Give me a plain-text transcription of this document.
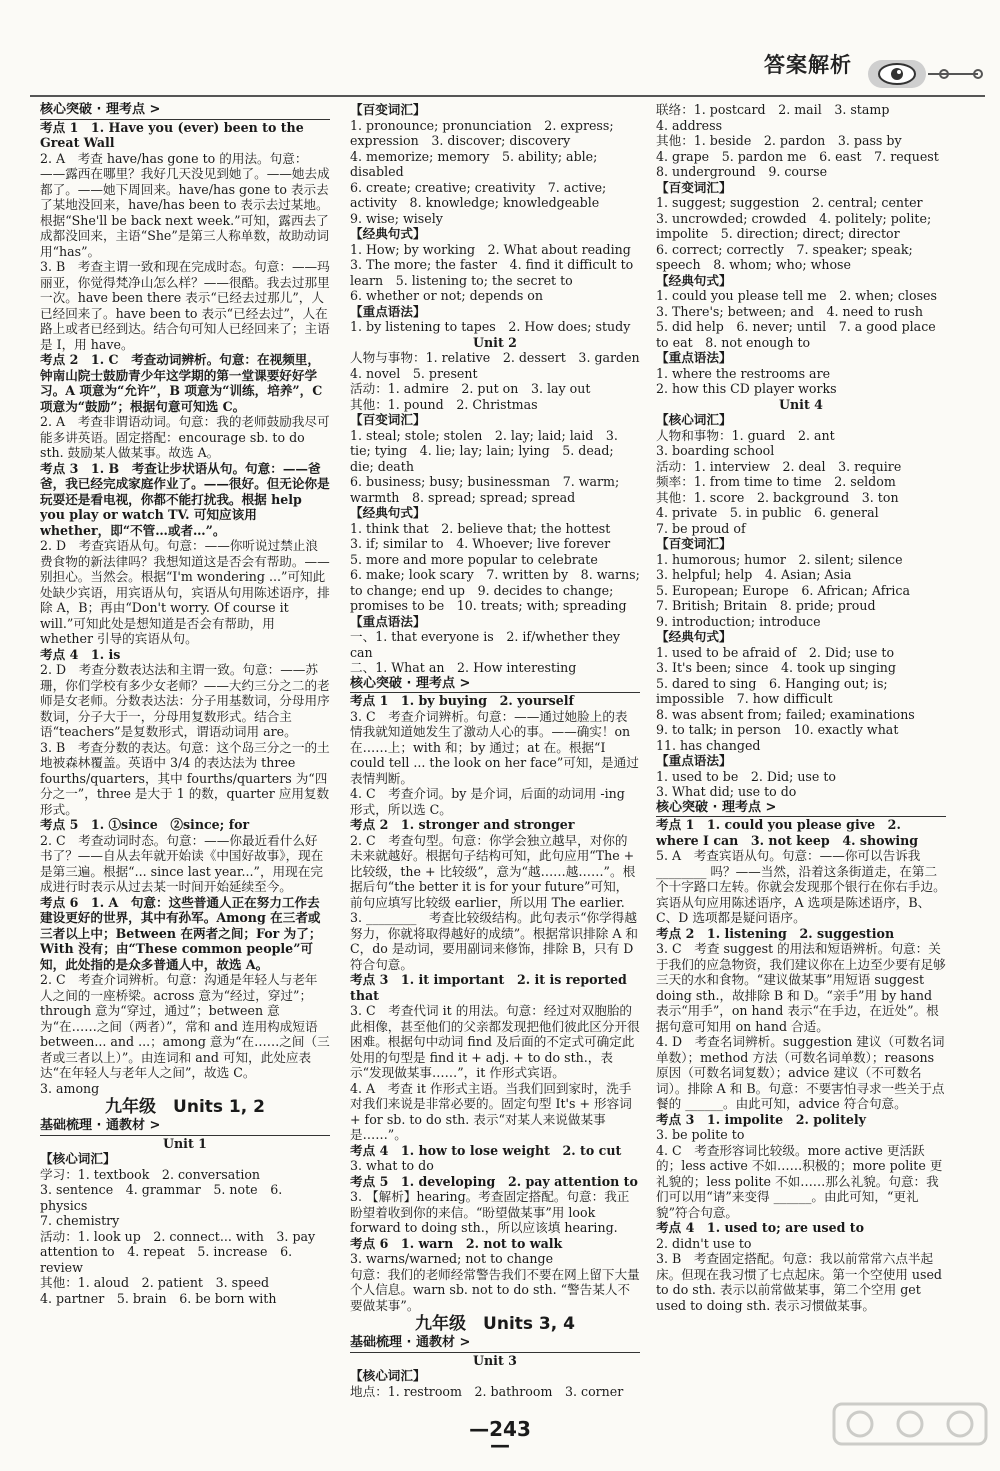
答案解析

核心突破 · 理考点 >

考点 1　1. Have you (ever) been to the Great Wall

2. A　考查 have/has gone to 的用法。句意：——露西在哪里？我好几天没见到她了。——她去成都了。——她下周回来。have/has gone to 表示去了某地没回来，have/has been to 表示去过某地。根据“She'll be back next week.”可知，露西去了成都没回来，主语“She”是第三人称单数，故助动词用“has”。

3. B　考查主谓一致和现在完成时态。句意：——玛丽亚，你觉得梵净山怎么样？——很酷。我去过那里一次。have been there 表示“已经去过那儿”，人已经回来了。have been to 表示“已经去过”，人在路上或者已经到达。结合句可知人已经回来了；主语是 I，用 have。

考点 2　1. C　考查动词辨析。句意：在视频里，钟南山院士鼓励青少年这学期的第一堂课要好好学习。A 项意为“允许”，B 项意为“训练，培养”，C 项意为“鼓励”；根据句意可知选 C。

2. A　考查非谓语动词。句意：我的老师鼓励我尽可能多讲英语。固定搭配：encourage sb. to do sth. 鼓励某人做某事。故选 A。

考点 3　1. B　考查让步状语从句。句意：——爸爸，我已经完成家庭作业了。——很好。但无论你是玩耍还是看电视，你都不能打扰我。根据 help you play or watch TV. 可知应该用 whether，即“不管…或者…”。

2. D　考查宾语从句。句意：——你听说过禁止浪费食物的新法律吗？我想知道这是否会有帮助。——别担心。当然会。根据“I'm wondering ...”可知此处缺少宾语，用宾语从句，宾语从句用陈述语序，排除 A，B；再由“Don't worry. Of course it will.”可知此处是想知道是否会有帮助，用 whether 引导的宾语从句。

考点 4　1. is

2. D　考查分数表达法和主谓一致。句意：——苏珊，你们学校有多少女老师？——大约三分之二的老师是女老师。分数表达法：分子用基数词，分母用序数词，分子大于一，分母用复数形式。结合主语“teachers”是复数形式，谓语动词用 are。

3. B　考查分数的表达。句意：这个岛三分之一的土地被森林覆盖。英语中 3/4 的表达法为 three fourths/quarters，其中 fourths/quarters 为“四分之一”，three 是大于 1 的数，quarter 应用复数形式。

考点 5　1. ①since　②since; for

2. C　考查动词时态。句意：——你最近看什么好书了？——自从去年就开始读《中国好故事》，现在是第三遍。根据“... since last year...”，用现在完成进行时表示从过去某一时间开始延续至今。

考点 6　1. A　句意：这些普通人正在努力工作去建设更好的世界，其中有孙军。Among 在三者或三者以上中；Between 在两者之间；For 为了；With 没有；由“These common people”可知，此处指的是众多普通人中，故选 A。

2. C　考查介词辨析。句意：沟通是年轻人与老年人之间的一座桥梁。across 意为“经过，穿过”；through 意为“穿过，通过”；between 意为“在……之间（两者）”，常和 and 连用构成短语 between... and ...；among 意为“在……之间（三者或三者以上）”。由连词和 and 可知，此处应表达“在年轻人与老年人之间”，故选 C。

3. among

九年级　Units 1, 2

基础梳理 · 通教材 >

Unit 1

【核心词汇】

学习：1. textbook　2. conversation

3. sentence　4. grammar　5. note　6. physics

7. chemistry

活动：1. look up　2. connect... with　3. pay attention to　4. repeat　5. increase　6. review

其他：1. aloud　2. patient　3. speed

4. partner　5. brain　6. be born with

【百变词汇】

1. pronounce; pronunciation　2. express; expression　3. discover; discovery

4. memorize; memory　5. ability; able; disabled

6. create; creative; creativity　7. active; activity　8. knowledge; knowledgeable

9. wise; wisely

【经典句式】

1. How; by working　2. What about reading

3. The more; the faster　4. find it difficult to learn　5. listening to; the secret to

6. whether or not; depends on

【重点语法】

1. by listening to tapes　2. How does; study

Unit 2

人物与事物：1. relative　2. dessert　3. garden

4. novel　5. present

活动：1. admire　2. put on　3. lay out

其他：1. pound　2. Christmas

【百变词汇】

1. steal; stole; stolen　2. lay; laid; laid　3. tie; tying　4. lie; lay; lain; lying　5. dead; die; death

6. business; busy; businessman　7. warm; warmth　8. spread; spread; spread

【经典句式】

1. think that　2. believe that; the hottest

3. if; similar to　4. Whoever; live forever

5. more and more popular to celebrate

6. make; look scary　7. written by　8. warns; to change; end up　9. decides to change; promises to be　10. treats; with; spreading

【重点语法】

一、1. that everyone is　2. if/whether they can

二、1. What an　2. How interesting

核心突破 · 理考点 >

考点 1　1. by buying　2. yourself

3. C　考查介词辨析。句意：——通过她脸上的表情我就知道她发生了激动人心的事。——确实！on 在……上；with 和；by 通过；at 在。根据“I could tell ... the look on her face”可知，是通过表情判断。

4. C　考查介词。by 是介词，后面的动词用 -ing 形式，所以选 C。

考点 2　1. stronger and stronger

2. C　考查句型。句意：你学会独立越早，对你的未来就越好。根据句子结构可知，此句应用“The + 比较级，the + 比较级”，意为“越……越……”。根据后句“the better it is for your future”可知，前句应填写比较级 earlier，所以用 The earlier.

3. ________　考查比较级结构。此句表示“你学得越努力，你就将取得越好的成绩”。根据常识排除 A 和 C，do 是动词，要用副词来修饰，排除 B，只有 D 符合句意。

考点 3　1. it important　2. it is reported that

3. C　考查代词 it 的用法。句意：经过对双胞胎的此相像，甚至他们的父亲都发现把他们彼此区分开很困难。根据句中动词 find 及后面的不定式可确定此处用的句型是 find it + adj. + to do sth.，表示“发现做某事……”，it 作形式宾语。

4. A　考查 it 作形式主语。当我们回到家时，洗手对我们来说是非常必要的。固定句型 It's + 形容词 + for sb. to do sth. 表示“对某人来说做某事是……”。

考点 4　1. how to lose weight　2. to cut

3. what to do

考点 5　1. developing　2. pay attention to

3. 【解析】hearing。考查固定搭配。句意：我正盼望着收到你的来信。“盼望做某事”用 look forward to doing sth.，所以应该填 hearing.

考点 6　1. warn　2. not to walk

3. warns/warned; not to change

句意：我们的老师经常警告我们不要在网上留下大量个人信息。warn sb. not to do sth. “警告某人不要做某事”。

九年级　Units 3, 4

基础梳理 · 通教材 >

Unit 3

【核心词汇】

地点：1. restroom　2. bathroom　3. corner

联络：1. postcard　2. mail　3. stamp

4. address

其他：1. beside　2. pardon　3. pass by

4. grape　5. pardon me　6. east　7. request

8. underground　9. course

【百变词汇】

1. suggest; suggestion　2. central; center

3. uncrowded; crowded　4. politely; polite; impolite　5. direction; direct; director

6. correct; correctly　7. speaker; speak; speech　8. whom; who; whose

【经典句式】

1. could you please tell me　2. when; closes

3. There's; between; and　4. need to rush

5. did help　6. never; until　7. a good place to eat　8. not enough to

【重点语法】

1. where the restrooms are

2. how this CD player works

Unit 4

【核心词汇】

人物和事物：1. guard　2. ant

3. boarding school

活动：1. interview　2. deal　3. require

频率：1. from time to time　2. seldom

其他：1. score　2. background　3. ton

4. private　5. in public　6. general

7. be proud of

【百变词汇】

1. humorous; humor　2. silent; silence

3. helpful; help　4. Asian; Asia

5. European; Europe　6. African; Africa

7. British; Britain　8. pride; proud

9. introduction; introduce

【经典句式】

1. used to be afraid of　2. Did; use to

3. It's been; since　4. took up singing

5. dared to sing　6. Hanging out; is; impossible　7. how difficult

8. was absent from; failed; examinations

9. to talk; in person　10. exactly what

11. has changed

【重点语法】

1. used to be　2. Did; use to

3. What did; use to do

核心突破 · 理考点 >

考点 1　1. could you please give　2. where I can　3. not keep　4. showing

5. A　考查宾语从句。句意：——你可以告诉我 ________ 吗？——当然，沿着这条街道走，在第二个十字路口左转。你就会发现那个银行在你右手边。宾语从句应用陈述语序，A 选项是陈述语序，B、C、D 选项都是疑问语序。

考点 2　1. listening　2. suggestion

3. C　考查 suggest 的用法和短语辨析。句意：关于我们的应急物资，我们建议你在上边至少要有足够三天的水和食物。“建议做某事”用短语 suggest doing sth.，故排除 B 和 D。“亲手”用 by hand 表示“用手”，on hand 表示“在手边，在近处”。根据句意可知用 on hand 合适。

4. D　考查名词辨析。suggestion 建议（可数名词单数）；method 方法（可数名词单数）；reasons 原因（可数名词复数）；advice 建议（不可数名词）。排除 A 和 B。句意：不要害怕寻求一些关于点餐的 ______。由此可知，advice 符合句意。

考点 3　1. impolite　2. politely

3. be polite to

4. C　考查形容词比较级。more active 更活跃的；less active 不如……积极的；more polite 更礼貌的；less polite 不如……那么礼貌。句意：我们可以用“请”来变得 ______。由此可知，“更礼貌”符合句意。

考点 4　1. used to; are used to

2. didn't use to

3. B　考查固定搭配。句意：我以前常常六点半起床。但现在我习惯了七点起床。第一个空使用 used to do sth. 表示以前常做某事，第二个空用 get used to doing sth. 表示习惯做某事。

—243—
